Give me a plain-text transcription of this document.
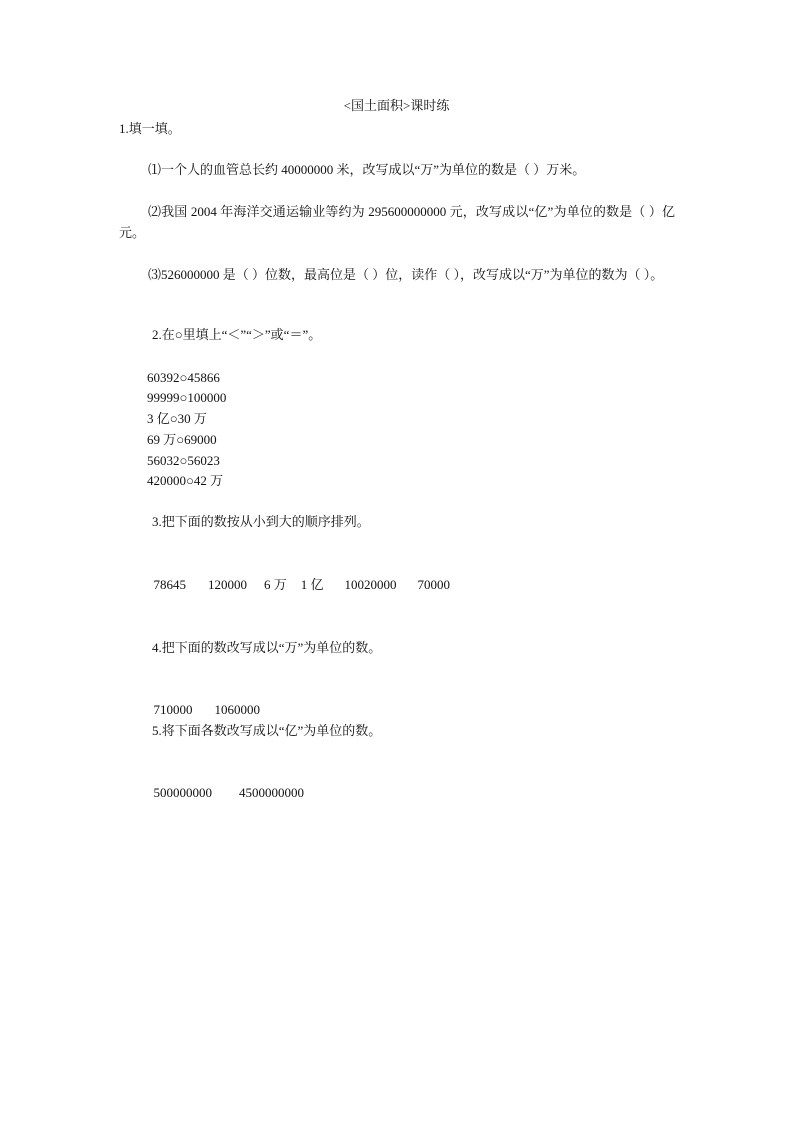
<国土面积>课时练
1.填一填。
⑴一个人的血管总长约 40000000 米，改写成以“万”为单位的数是（ ）万米。
⑵我国 2004 年海洋交通运输业等约为 295600000000 元，改写成以“亿”为单位的数是（ ）亿元。
⑶526000000 是（ ）位数，最高位是（ ）位，读作（ ），改写成以“万”为单位的数为（ ）。
2.在○里填上“＜”“＞”或“＝”。
60392○45866
99999○100000
3 亿○30 万
69 万○69000
56032○56023
420000○42 万
3.把下面的数按从小到大的顺序排列。

78645 120000 6 万 1 亿 10020000 70000

4.把下面的数改写成以“万”为单位的数。

710000 1060000

5.将下面各数改写成以“亿”为单位的数。

500000000 4500000000
